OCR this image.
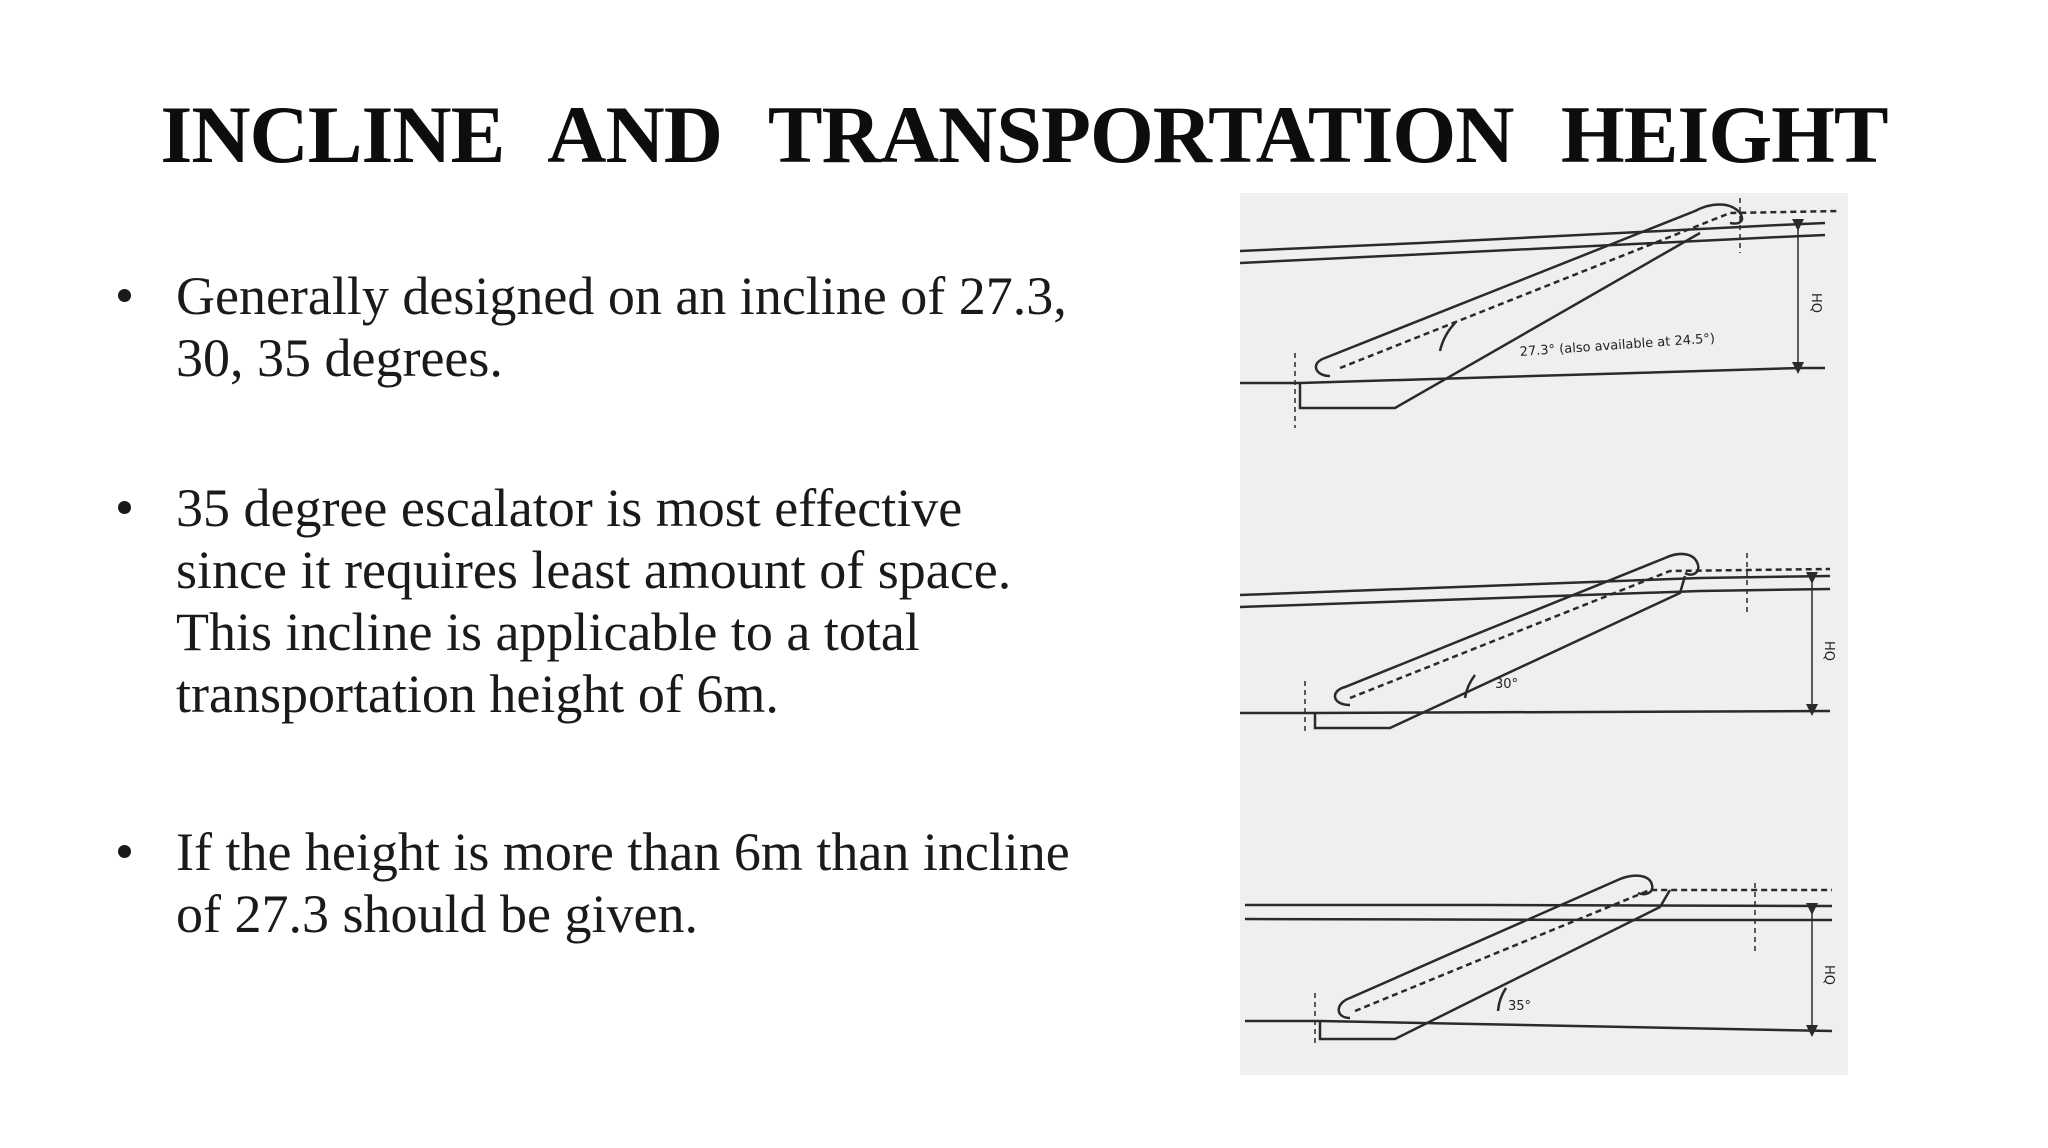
INCLINE AND TRANSPORTATION HEIGHT
Generally designed on an incline of 27.3, 30, 35 degrees.
35 degree escalator is most effective since it requires least amount of space. This incline is applicable to a total transportation height of 6m.
If the height is more than 6m than incline of 27.3 should be given.
27.3° (also available at 24.5°)
HQ
30°
HQ
35°
HQ
